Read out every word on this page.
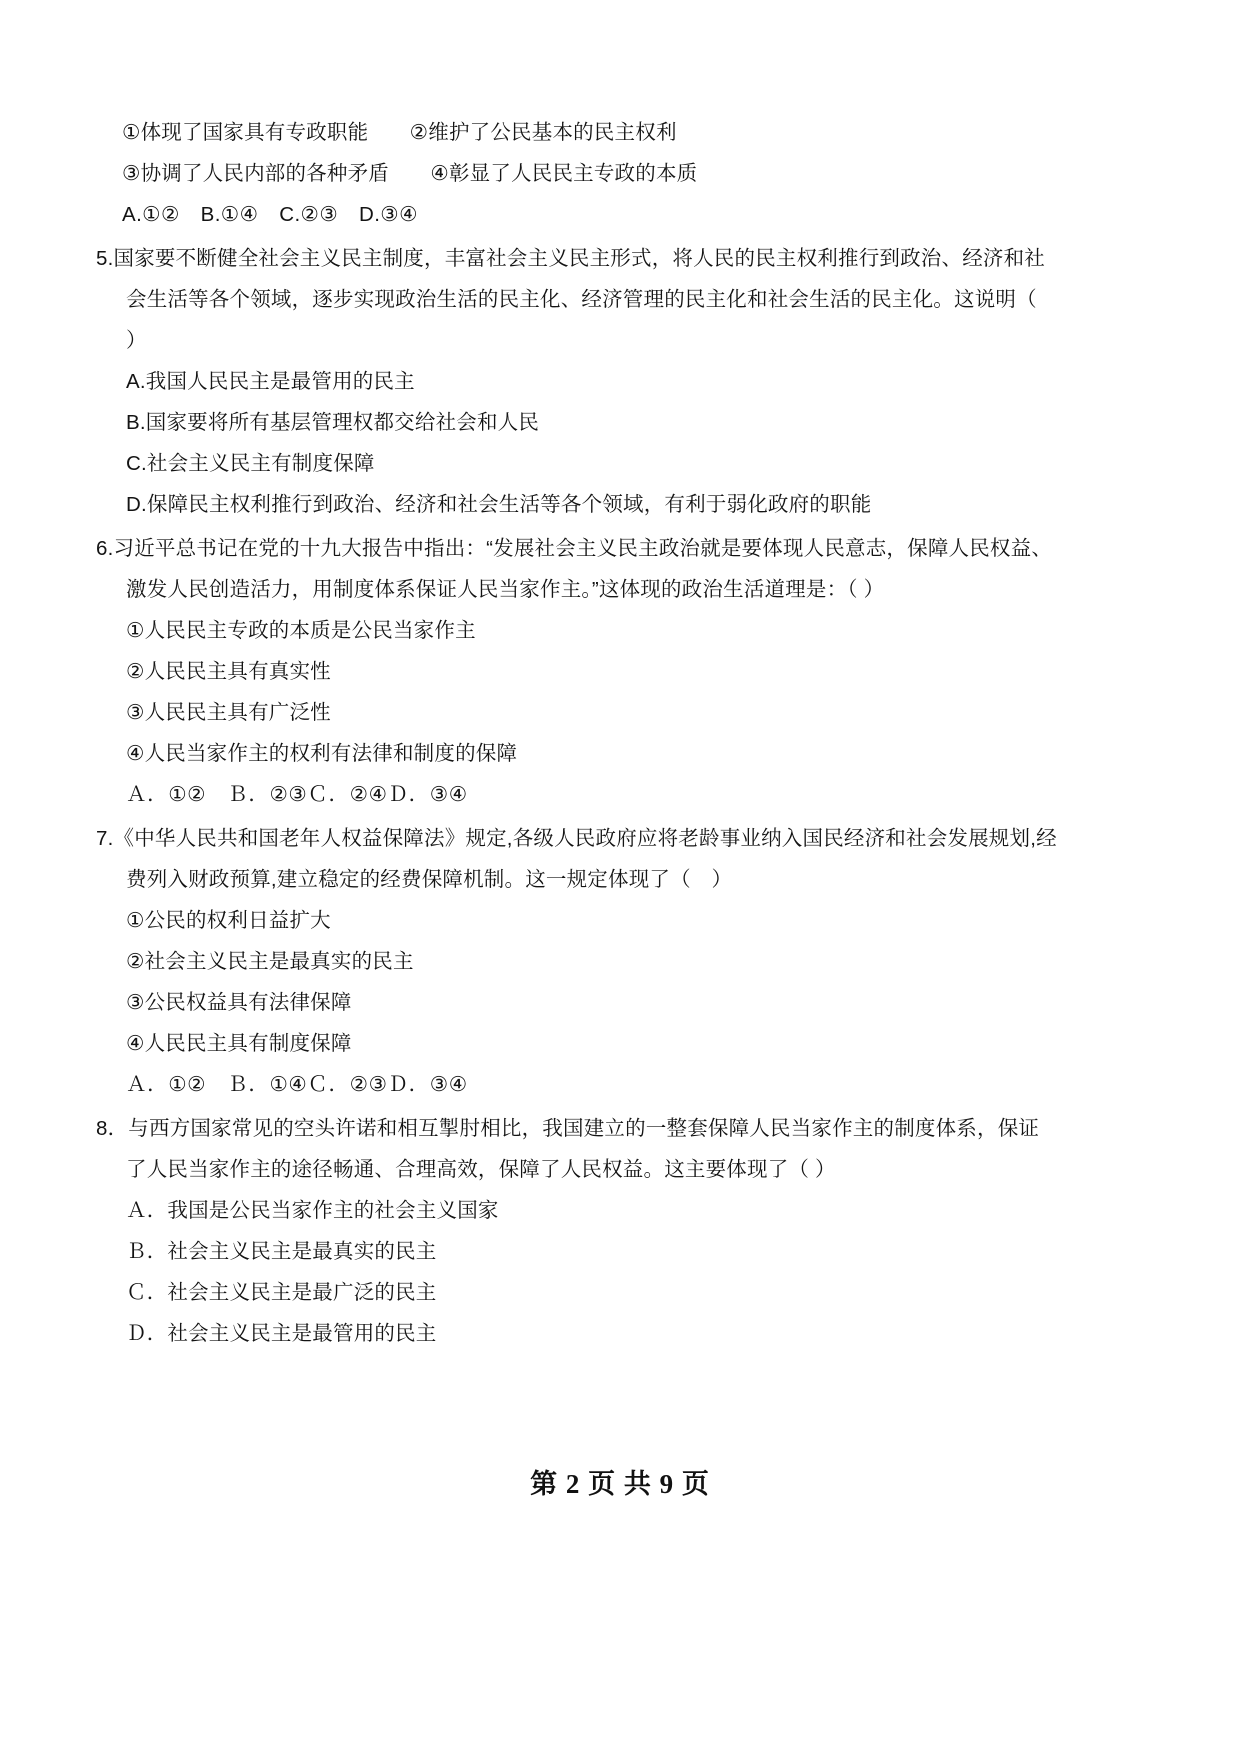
①体现了国家具有专政职能　　②维护了公民基本的民主权利
③协调了人民内部的各种矛盾　　④彰显了人民民主专政的本质
A.①②　B.①④　C.②③　D.③④
5.国家要不断健全社会主义民主制度，丰富社会主义民主形式，将人民的民主权利推行到政治、经济和社
会生活等各个领域，逐步实现政治生活的民主化、经济管理的民主化和社会生活的民主化。这说明（
）
A.我国人民民主是最管用的民主
B.国家要将所有基层管理权都交给社会和人民
C.社会主义民主有制度保障
D.保障民主权利推行到政治、经济和社会生活等各个领域，有利于弱化政府的职能
6.习近平总书记在党的十九大报告中指出：“发展社会主义民主政治就是要体现人民意志，保障人民权益、
激发人民创造活力，用制度体系保证人民当家作主。”这体现的政治生活道理是：（ ）
①人民民主专政的本质是公民当家作主
②人民民主具有真实性
③人民民主具有广泛性
④人民当家作主的权利有法律和制度的保障
Ａ．①②　Ｂ．②③Ｃ．②④Ｄ．③④
7.《中华人民共和国老年人权益保障法》规定,各级人民政府应将老龄事业纳入国民经济和社会发展规划,经
费列入财政预算,建立稳定的经费保障机制。这一规定体现了（　）
①公民的权利日益扩大
②社会主义民主是最真实的民主
③公民权益具有法律保障
④人民民主具有制度保障
Ａ．①②　Ｂ．①④Ｃ．②③Ｄ．③④
8．与西方国家常见的空头许诺和相互掣肘相比，我国建立的一整套保障人民当家作主的制度体系，保证
了人民当家作主的途径畅通、合理高效，保障了人民权益。这主要体现了（ ）
Ａ．我国是公民当家作主的社会主义国家
Ｂ．社会主义民主是最真实的民主
Ｃ．社会主义民主是最广泛的民主
Ｄ．社会主义民主是最管用的民主
第 2 页 共 9 页
